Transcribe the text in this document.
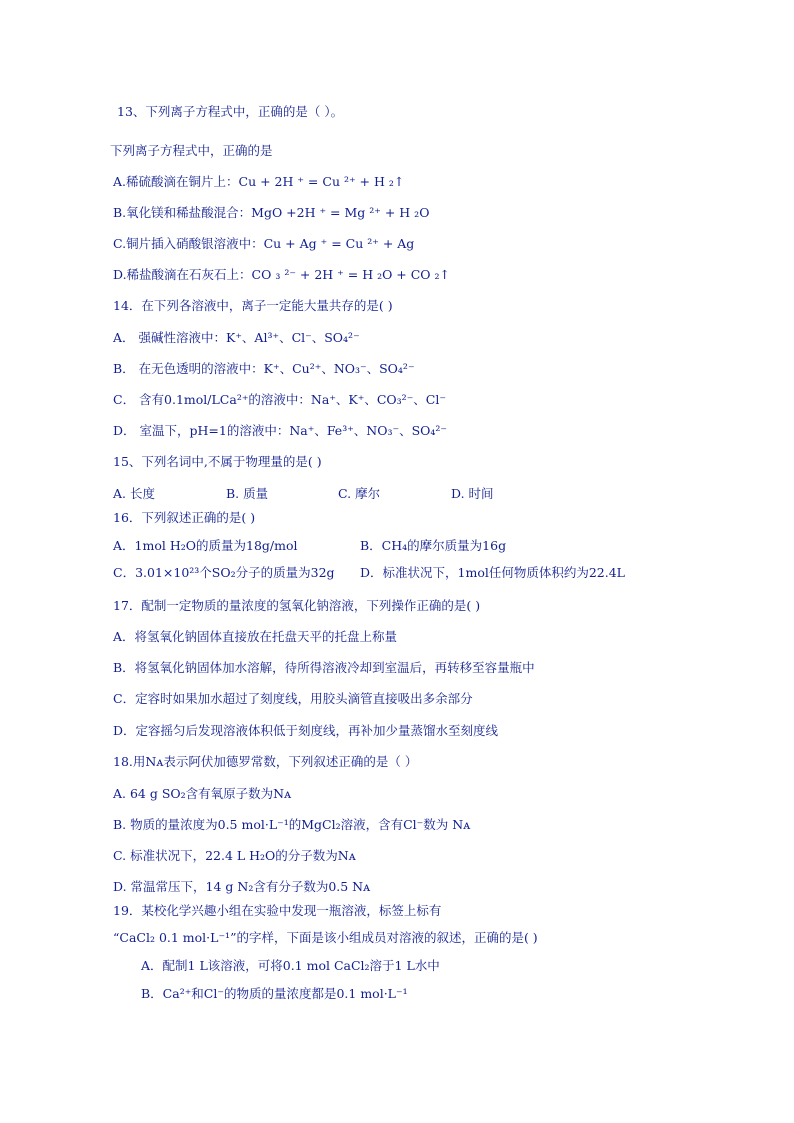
13、下列离子方程式中，正确的是（ ）。
下列离子方程式中，正确的是
A.稀硫酸滴在铜片上：Cu + 2H ⁺ = Cu ²⁺ + H ₂↑
B.氧化镁和稀盐酸混合：MgO +2H ⁺ = Mg ²⁺ + H ₂O
C.铜片插入硝酸银溶液中：Cu + Ag ⁺ = Cu ²⁺ + Ag
D.稀盐酸滴在石灰石上：CO ₃ ²⁻ + 2H ⁺ = H ₂O + CO ₂↑
14．在下列各溶液中，离子一定能大量共存的是( )
A． 强碱性溶液中：K⁺、Al³⁺、Cl⁻、SO₄²⁻
B． 在无色透明的溶液中：K⁺、Cu²⁺、NO₃⁻、SO₄²⁻
C． 含有0.1mol/LCa²⁺的溶液中：Na⁺、K⁺、CO₃²⁻、Cl⁻
D． 室温下，pH=1的溶液中：Na⁺、Fe³⁺、NO₃⁻、SO₄²⁻
15、下列名词中,不属于物理量的是( )
A. 长度	B. 质量	C. 摩尔	D. 时间
16．下列叙述正确的是( )
A．1mol H₂O的质量为18g/mol	B．CH₄的摩尔质量为16g
C．3.01×10²³个SO₂分子的质量为32g D．标准状况下，1mol任何物质体积约为22.4L
17．配制一定物质的量浓度的氢氧化钠溶液，下列操作正确的是( )
A．将氢氧化钠固体直接放在托盘天平的托盘上称量
B．将氢氧化钠固体加水溶解，待所得溶液冷却到室温后，再转移至容量瓶中
C．定容时如果加水超过了刻度线，用胶头滴管直接吸出多余部分
D．定容摇匀后发现溶液体积低于刻度线，再补加少量蒸馏水至刻度线
18.用Nᴀ表示阿伏加德罗常数，下列叙述正确的是（ ）
A. 64 g SO₂含有氧原子数为Nᴀ
B. 物质的量浓度为0.5 mol·L⁻¹的MgCl₂溶液，含有Cl⁻数为 Nᴀ
C. 标准状况下，22.4 L H₂O的分子数为Nᴀ
D. 常温常压下，14 g N₂含有分子数为0.5 Nᴀ
19．某校化学兴趣小组在实验中发现一瓶溶液，标签上标有
“CaCl₂ 0.1 mol·L⁻¹”的字样，下面是该小组成员对溶液的叙述，正确的是( )
A．配制1 L该溶液，可将0.1 mol CaCl₂溶于1 L水中
B．Ca²⁺和Cl⁻的物质的量浓度都是0.1 mol·L⁻¹
